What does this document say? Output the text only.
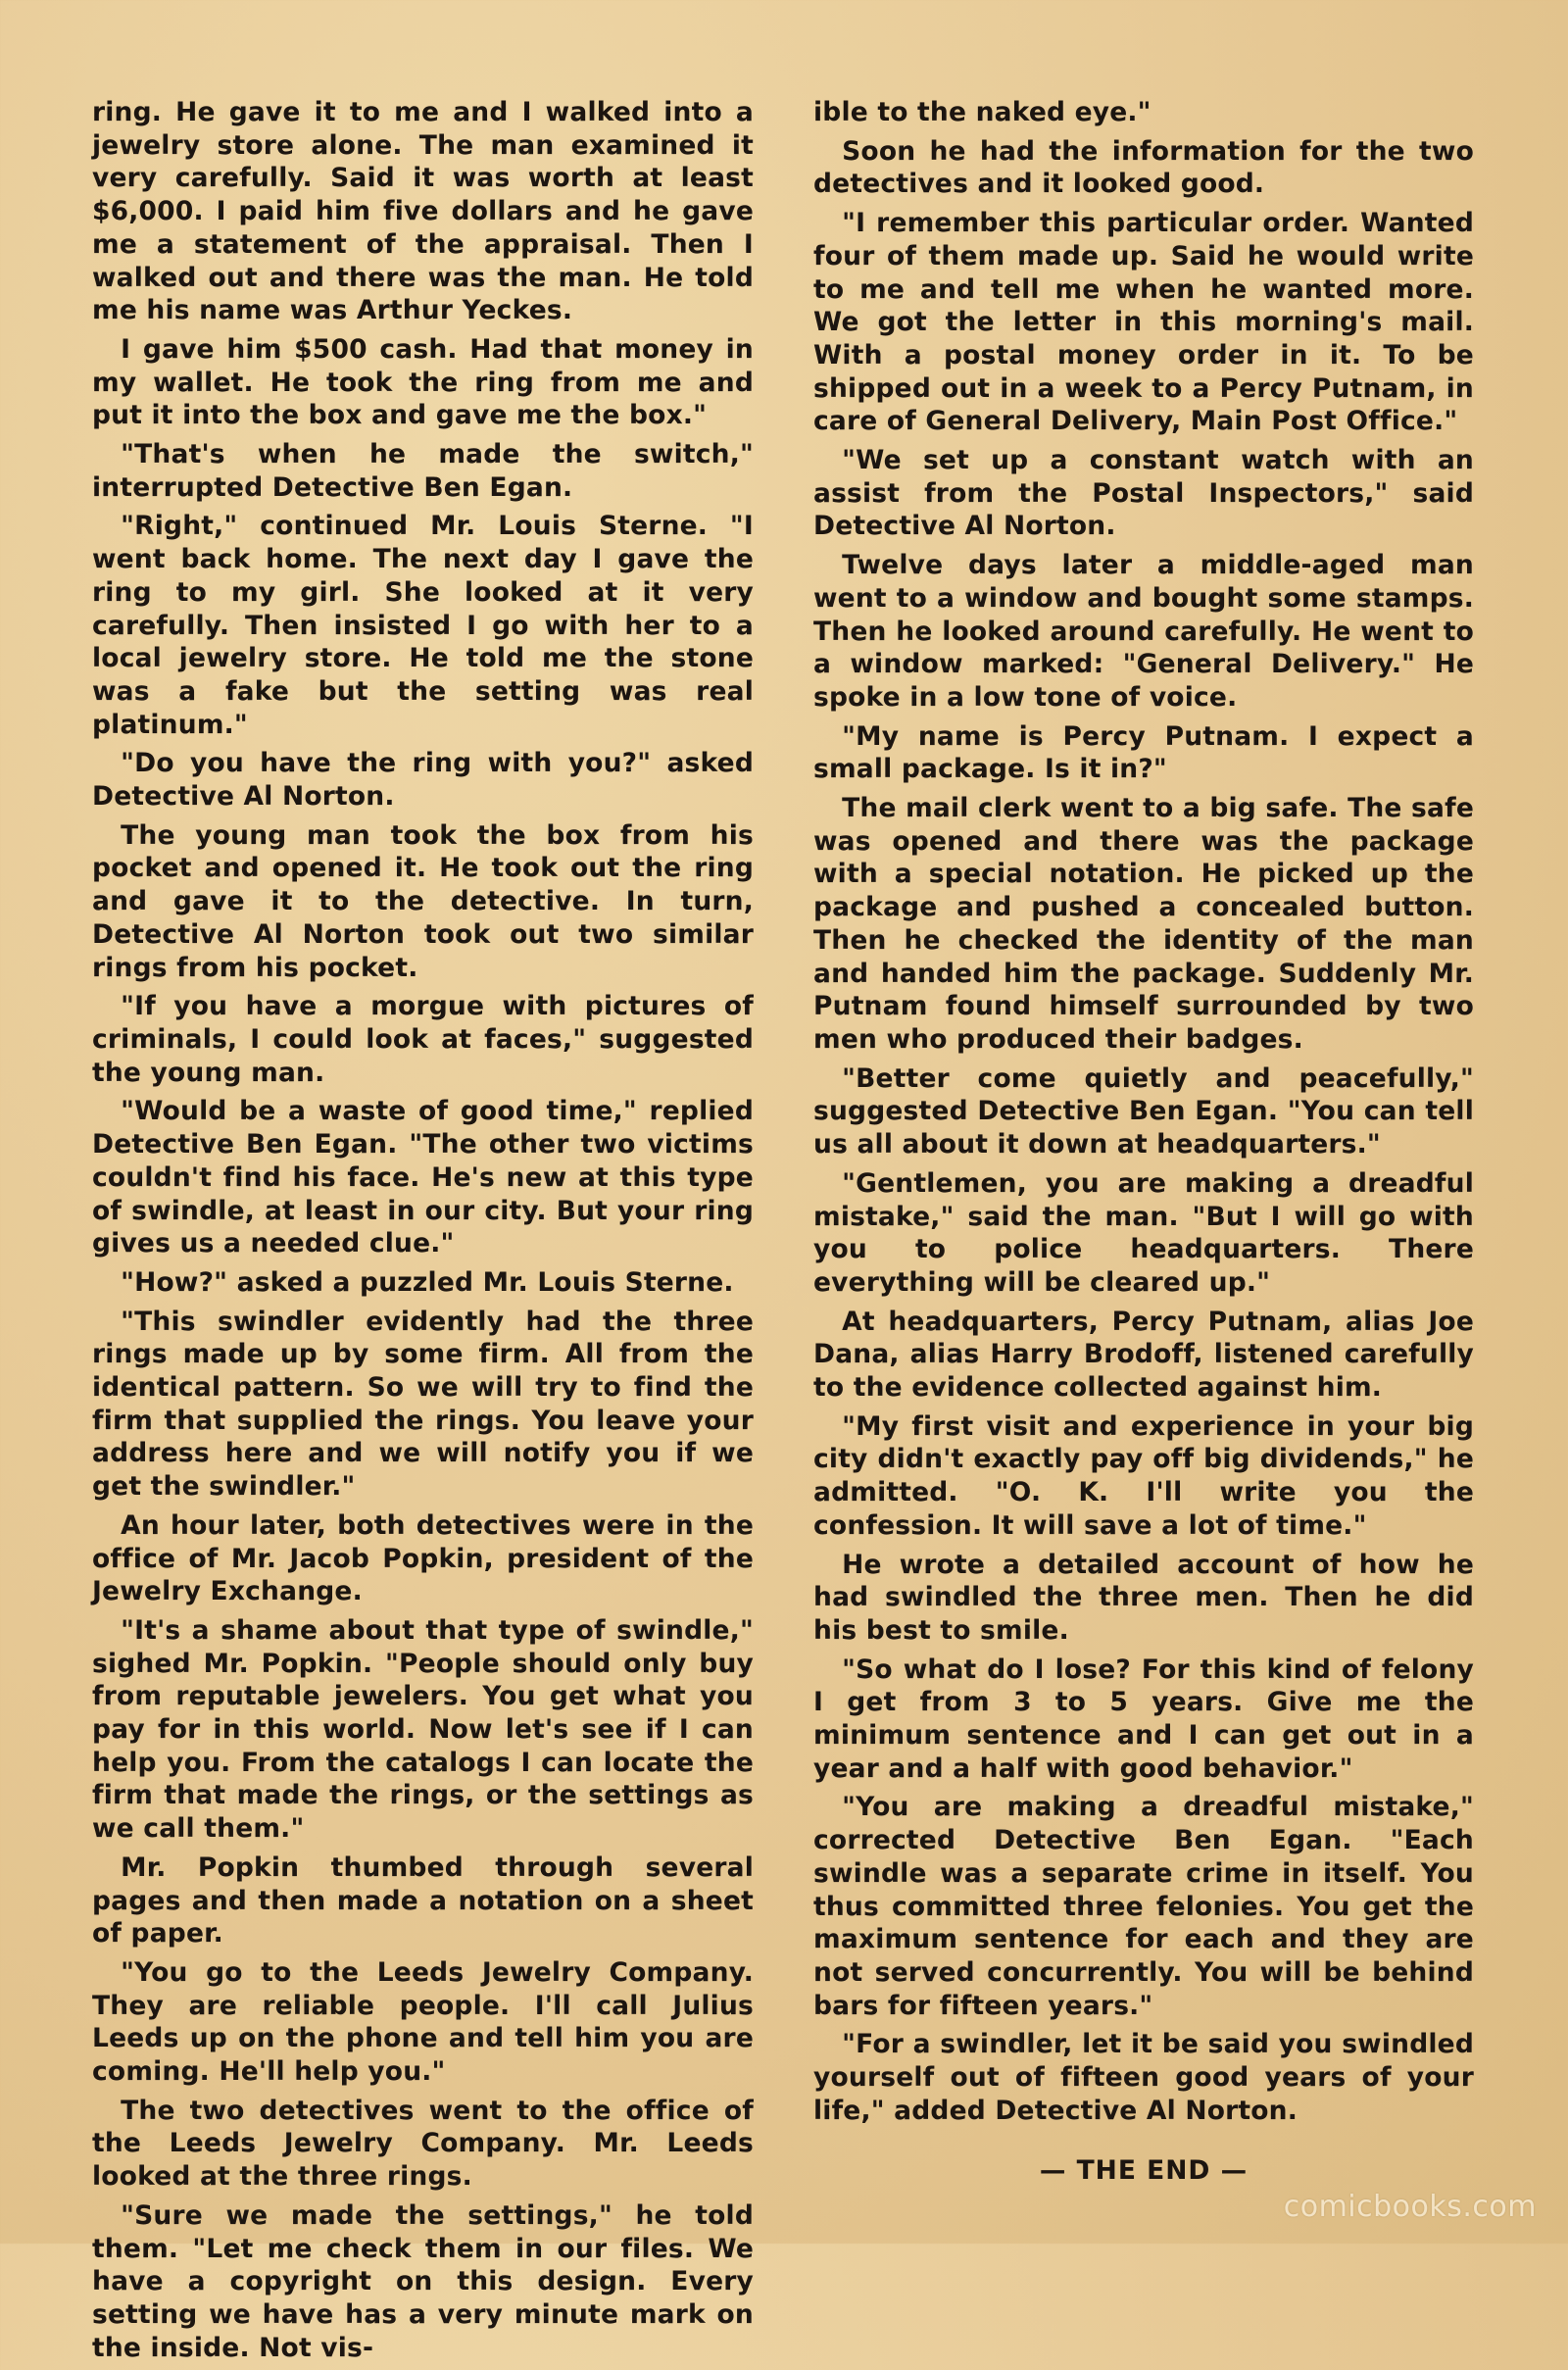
ring. He gave it to me and I walked into a jewelry store alone. The man examined it very carefully. Said it was worth at least $6,000. I paid him five dollars and he gave me a statement of the appraisal. Then I walked out and there was the man. He told me his name was Arthur Yeckes.

I gave him $500 cash. Had that money in my wallet. He took the ring from me and put it into the box and gave me the box."

"That's when he made the switch," interrupted Detective Ben Egan.

"Right," continued Mr. Louis Sterne. "I went back home. The next day I gave the ring to my girl. She looked at it very carefully. Then insisted I go with her to a local jewelry store. He told me the stone was a fake but the setting was real platinum."

"Do you have the ring with you?" asked Detective Al Norton.

The young man took the box from his pocket and opened it. He took out the ring and gave it to the detective. In turn, Detective Al Norton took out two similar rings from his pocket.

"If you have a morgue with pictures of criminals, I could look at faces," suggested the young man.

"Would be a waste of good time," replied Detective Ben Egan. "The other two victims couldn't find his face. He's new at this type of swindle, at least in our city. But your ring gives us a needed clue."

"How?" asked a puzzled Mr. Louis Sterne.

"This swindler evidently had the three rings made up by some firm. All from the identical pattern. So we will try to find the firm that supplied the rings. You leave your address here and we will notify you if we get the swindler."

An hour later, both detectives were in the office of Mr. Jacob Popkin, president of the Jewelry Exchange.

"It's a shame about that type of swindle," sighed Mr. Popkin. "People should only buy from reputable jewelers. You get what you pay for in this world. Now let's see if I can help you. From the catalogs I can locate the firm that made the rings, or the settings as we call them."

Mr. Popkin thumbed through several pages and then made a notation on a sheet of paper.

"You go to the Leeds Jewelry Company. They are reliable people. I'll call Julius Leeds up on the phone and tell him you are coming. He'll help you."

The two detectives went to the office of the Leeds Jewelry Company. Mr. Leeds looked at the three rings.

"Sure we made the settings," he told them. "Let me check them in our files. We have a copyright on this design. Every setting we have has a very minute mark on the inside. Not vis-

ible to the naked eye."

Soon he had the information for the two detectives and it looked good.

"I remember this particular order. Wanted four of them made up. Said he would write to me and tell me when he wanted more. We got the letter in this morning's mail. With a postal money order in it. To be shipped out in a week to a Percy Putnam, in care of General Delivery, Main Post Office."

"We set up a constant watch with an assist from the Postal Inspectors," said Detective Al Norton.

Twelve days later a middle-aged man went to a window and bought some stamps. Then he looked around carefully. He went to a window marked: "General Delivery." He spoke in a low tone of voice.

"My name is Percy Putnam. I expect a small package. Is it in?"

The mail clerk went to a big safe. The safe was opened and there was the package with a special notation. He picked up the package and pushed a concealed button. Then he checked the identity of the man and handed him the package. Suddenly Mr. Putnam found himself surrounded by two men who produced their badges.

"Better come quietly and peacefully," suggested Detective Ben Egan. "You can tell us all about it down at headquarters."

"Gentlemen, you are making a dreadful mistake," said the man. "But I will go with you to police headquarters. There everything will be cleared up."

At headquarters, Percy Putnam, alias Joe Dana, alias Harry Brodoff, listened carefully to the evidence collected against him.

"My first visit and experience in your big city didn't exactly pay off big dividends," he admitted. "O. K. I'll write you the confession. It will save a lot of time."

He wrote a detailed account of how he had swindled the three men. Then he did his best to smile.

"So what do I lose? For this kind of felony I get from 3 to 5 years. Give me the minimum sentence and I can get out in a year and a half with good behavior."

"You are making a dreadful mistake," corrected Detective Ben Egan. "Each swindle was a separate crime in itself. You thus committed three felonies. You get the maximum sentence for each and they are not served concurrently. You will be behind bars for fifteen years."

"For a swindler, let it be said you swindled yourself out of fifteen good years of your life," added Detective Al Norton.

— THE END —
comicbooks.com
